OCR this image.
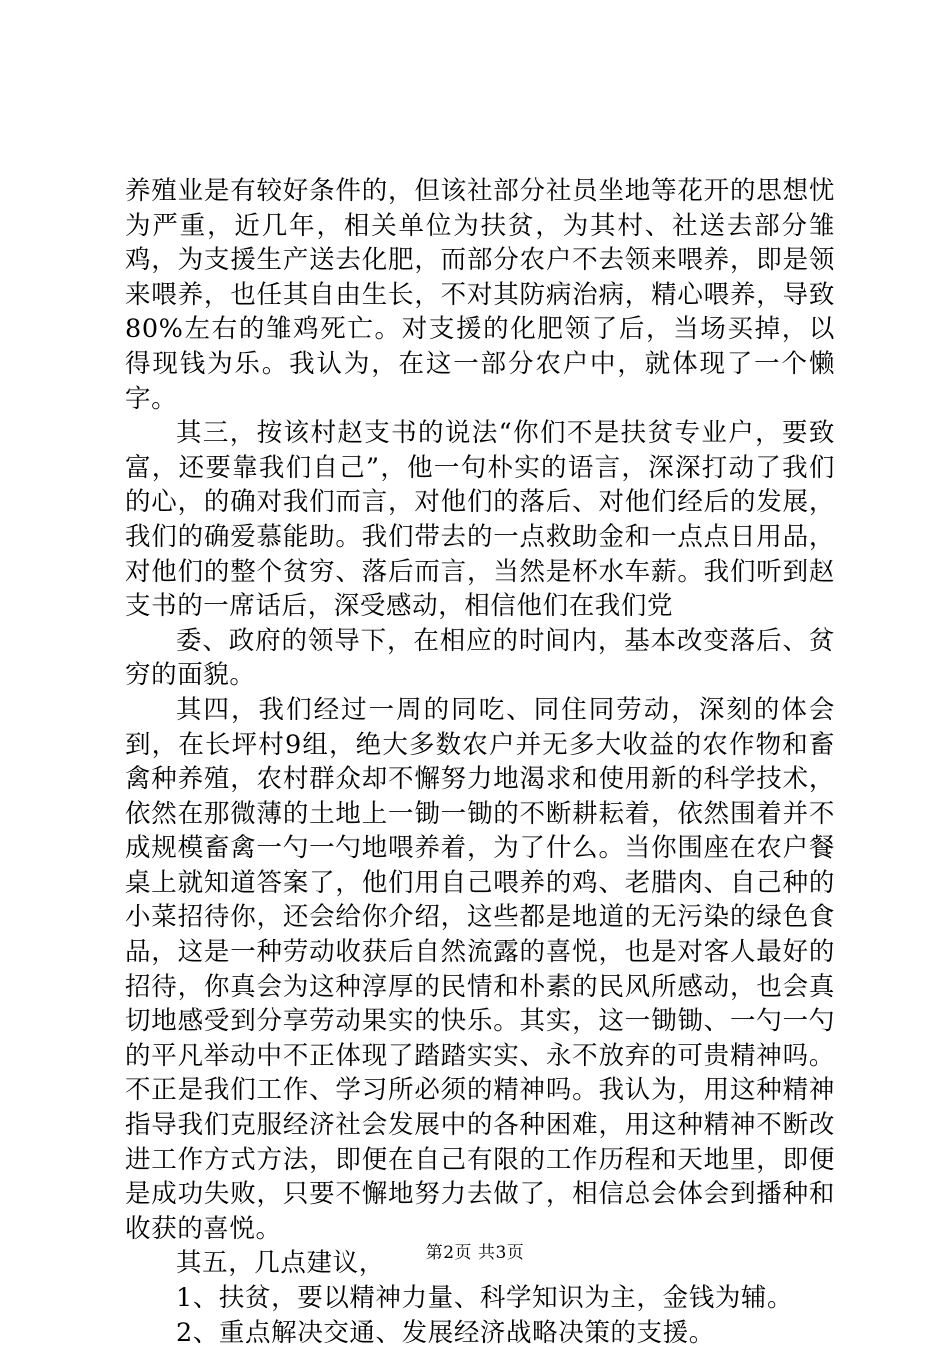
养殖业是有较好条件的，但该社部分社员坐地等花开的思想忧为严重，近几年，相关单位为扶贫，为其村、社送去部分雏鸡，为支援生产送去化肥，而部分农户不去领来喂养，即是领来喂养，也任其自由生长，不对其防病治病，精心喂养，导致80%左右的雏鸡死亡。对支援的化肥领了后，当场买掉，以得现钱为乐。我认为，在这一部分农户中，就体现了一个懒字。

其三，按该村赵支书的说法“你们不是扶贫专业户，要致富，还要靠我们自己”，他一句朴实的语言，深深打动了我们的心，的确对我们而言，对他们的落后、对他们经后的发展，我们的确爱慕能助。我们带去的一点救助金和一点点日用品，对他们的整个贫穷、落后而言，当然是杯水车薪。我们听到赵支书的一席话后，深受感动，相信他们在我们党

委、政府的领导下，在相应的时间内，基本改变落后、贫穷的面貌。

其四，我们经过一周的同吃、同住同劳动，深刻的体会到，在长坪村9组，绝大多数农户并无多大收益的农作物和畜禽种养殖，农村群众却不懈努力地渴求和使用新的科学技术，依然在那微薄的土地上一锄一锄的不断耕耘着，依然围着并不成规模畜禽一勺一勺地喂养着，为了什么。当你围座在农户餐桌上就知道答案了，他们用自己喂养的鸡、老腊肉、自己种的小菜招待你，还会给你介绍，这些都是地道的无污染的绿色食品，这是一种劳动收获后自然流露的喜悦，也是对客人最好的招待，你真会为这种淳厚的民情和朴素的民风所感动，也会真切地感受到分享劳动果实的快乐。其实，这一锄锄、一勺一勺的平凡举动中不正体现了踏踏实实、永不放弃的可贵精神吗。不正是我们工作、学习所必须的精神吗。我认为，用这种精神指导我们克服经济社会发展中的各种困难，用这种精神不断改进工作方式方法，即便在自己有限的工作历程和天地里，即便是成功失败，只要不懈地努力去做了，相信总会体会到播种和收获的喜悦。

其五，几点建议，

1、扶贫，要以精神力量、科学知识为主，金钱为辅。

2、重点解决交通、发展经济战略决策的支援。

第2页 共3页
